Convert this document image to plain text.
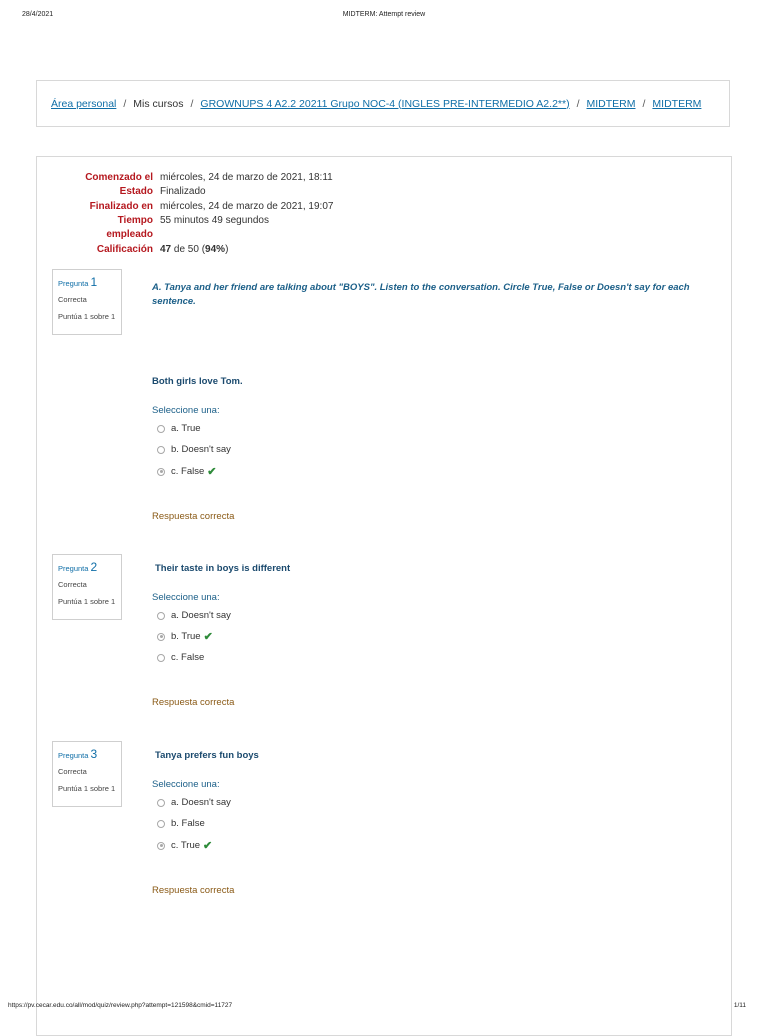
28/4/2021	MIDTERM: Attempt review
Área personal / Mis cursos / GROWNUPS 4 A2.2 20211 Grupo NOC-4 (INGLES PRE-INTERMEDIO A2.2**) / MIDTERM / MIDTERM
Comenzado el miércoles, 24 de marzo de 2021, 18:11
Estado Finalizado
Finalizado en miércoles, 24 de marzo de 2021, 19:07
Tiempo
empleado
55 minutos 49 segundos
Calificación 47 de 50 (94%)
Pregunta 1
Correcta
Puntúa 1 sobre 1
A. Tanya and her friend are talking about "BOYS". Listen to the conversation. Circle True, False or Doesn't say for each sentence.
Both girls love Tom.
Seleccione una:
a. True
b. Doesn't say
c. False ✔
Respuesta correcta
Pregunta 2
Correcta
Puntúa 1 sobre 1
Their taste in boys is different
Seleccione una:
a. Doesn't say
b. True ✔
c. False
Respuesta correcta
Pregunta 3
Correcta
Puntúa 1 sobre 1
Tanya prefers fun boys
Seleccione una:
a. Doesn't say
b. False
c. True ✔
Respuesta correcta
https://pv.cecar.edu.co/all/mod/quiz/review.php?attempt=121598&cmid=11727	1/11
